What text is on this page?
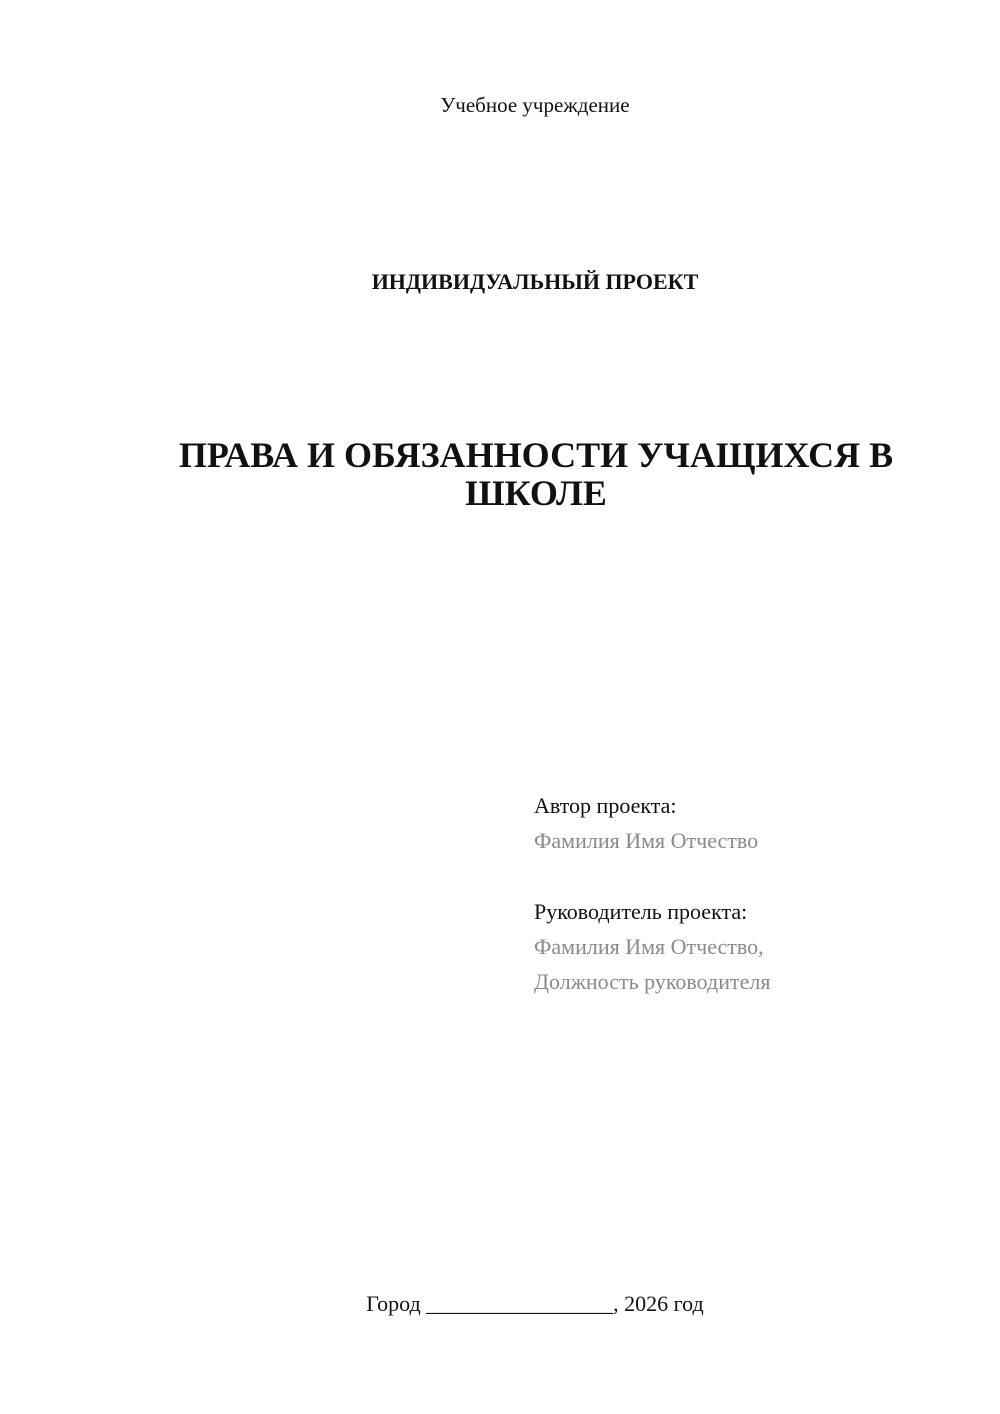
Учебное учреждение
ИНДИВИДУАЛЬНЫЙ ПРОЕКТ
ПРАВА И ОБЯЗАННОСТИ УЧАЩИХСЯ В ШКОЛЕ
Автор проекта:
Фамилия Имя Отчество
Руководитель проекта:
Фамилия Имя Отчество,
Должность руководителя
Город _________________, 2026 год
